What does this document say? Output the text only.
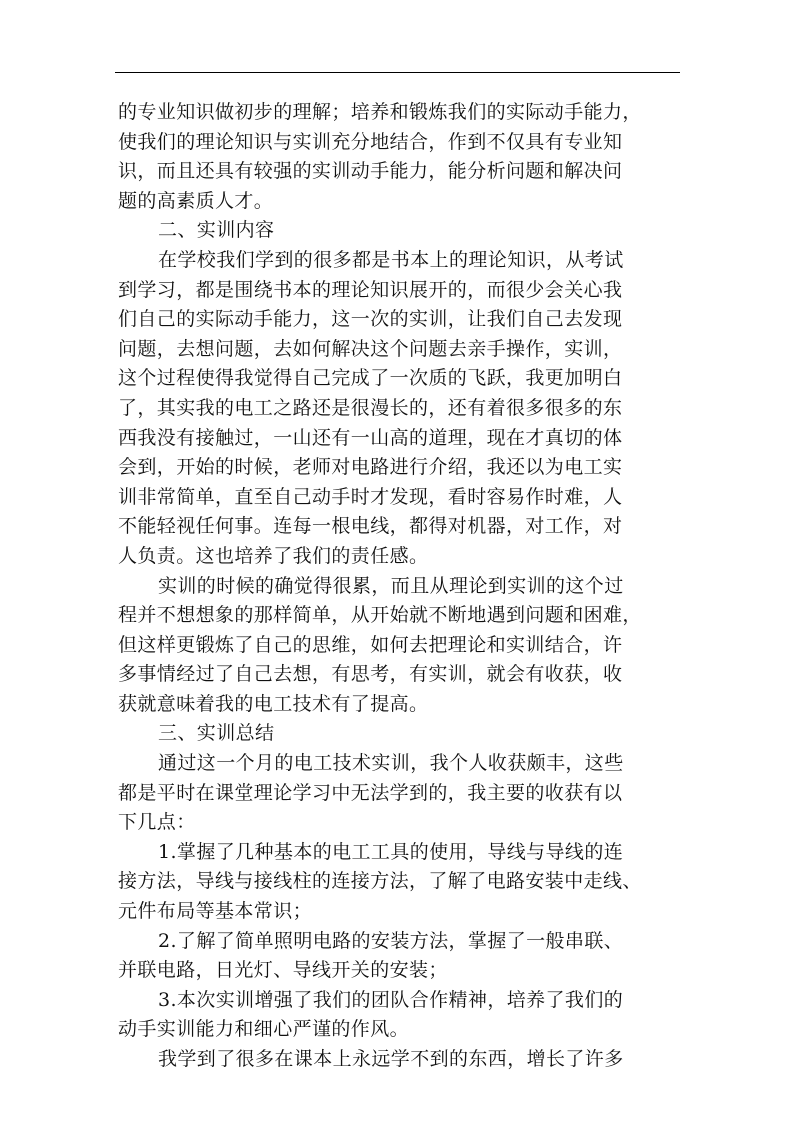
的专业知识做初步的理解；培养和锻炼我们的实际动手能力，
使我们的理论知识与实训充分地结合，作到不仅具有专业知
识，而且还具有较强的实训动手能力，能分析问题和解决问
题的高素质人才。
二、实训内容
在学校我们学到的很多都是书本上的理论知识，从考试
到学习，都是围绕书本的理论知识展开的，而很少会关心我
们自己的实际动手能力，这一次的实训，让我们自己去发现
问题，去想问题，去如何解决这个问题去亲手操作，实训，
这个过程使得我觉得自己完成了一次质的飞跃，我更加明白
了，其实我的电工之路还是很漫长的，还有着很多很多的东
西我没有接触过，一山还有一山高的道理，现在才真切的体
会到，开始的时候，老师对电路进行介绍，我还以为电工实
训非常简单，直至自己动手时才发现，看时容易作时难，人
不能轻视任何事。连每一根电线，都得对机器，对工作，对
人负责。这也培养了我们的责任感。
实训的时候的确觉得很累，而且从理论到实训的这个过
程并不想想象的那样简单，从开始就不断地遇到问题和困难，
但这样更锻炼了自己的思维，如何去把理论和实训结合，许
多事情经过了自己去想，有思考，有实训，就会有收获，收
获就意味着我的电工技术有了提高。
三、实训总结
通过这一个月的电工技术实训，我个人收获颇丰，这些
都是平时在课堂理论学习中无法学到的，我主要的收获有以
下几点：
1.掌握了几种基本的电工工具的使用，导线与导线的连
接方法，导线与接线柱的连接方法，了解了电路安装中走线、
元件布局等基本常识；
2.了解了简单照明电路的安装方法，掌握了一般串联、
并联电路，日光灯、导线开关的安装；
3.本次实训增强了我们的团队合作精神，培养了我们的
动手实训能力和细心严谨的作风。
我学到了很多在课本上永远学不到的东西，增长了许多
